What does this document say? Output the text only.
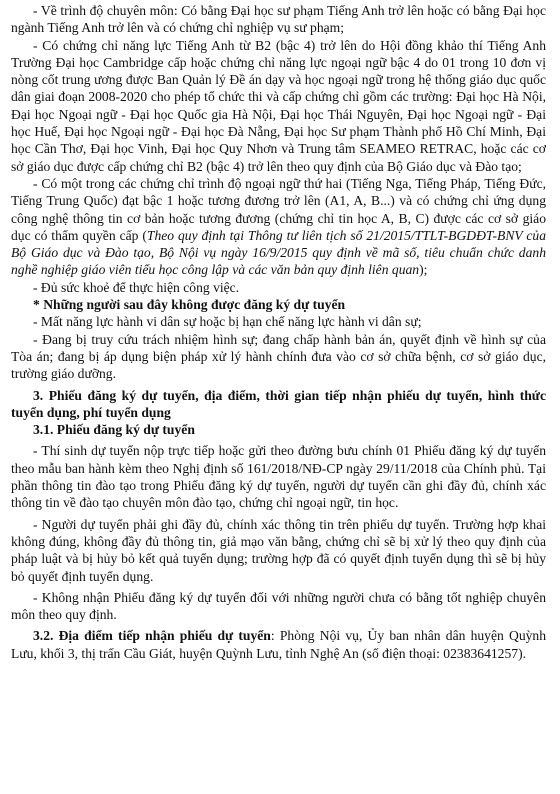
- Về trình độ chuyên môn: Có bằng Đại học sư phạm Tiếng Anh trở lên hoặc có bằng Đại học ngành Tiếng Anh trở lên và có chứng chỉ nghiệp vụ sư phạm;

- Có chứng chỉ năng lực Tiếng Anh từ B2 (bậc 4) trở lên do Hội đồng khảo thí Tiếng Anh Trường Đại học Cambridge cấp hoặc chứng chỉ năng lực ngoại ngữ bậc 4 do 01 trong 10 đơn vị nòng cốt trung ương được Ban Quản lý Đề án dạy và học ngoại ngữ trong hệ thống giáo dục quốc dân giai đoạn 2008-2020 cho phép tổ chức thi và cấp chứng chỉ gồm các trường: Đại học Hà Nội, Đại học Ngoại ngữ - Đại học Quốc gia Hà Nội, Đại học Thái Nguyên, Đại học Ngoại ngữ - Đại học Huế, Đại học Ngoại ngữ - Đại học Đà Nẵng, Đại học Sư phạm Thành phố Hồ Chí Minh, Đại học Cần Thơ, Đại học Vinh, Đại học Quy Nhơn và Trung tâm SEAMEO RETRAC, hoặc các cơ sở giáo dục được cấp chứng chỉ B2 (bậc 4) trở lên theo quy định của Bộ Giáo dục và Đào tạo;

- Có một trong các chứng chỉ trình độ ngoại ngữ thứ hai (Tiếng Nga, Tiếng Pháp, Tiếng Đức, Tiếng Trung Quốc) đạt bậc 1 hoặc tương đương trở lên (A1, A, B...) và có chứng chỉ ứng dụng công nghệ thông tin cơ bản hoặc tương đương (chứng chỉ tin học A, B, C) được các cơ sở giáo dục có thẩm quyền cấp (Theo quy định tại Thông tư liên tịch số 21/2015/TTLT-BGDĐT-BNV của Bộ Giáo dục và Đào tạo, Bộ Nội vụ ngày 16/9/2015 quy định về mã số, tiêu chuẩn chức danh nghề nghiệp giáo viên tiểu học công lập và các văn bản quy định liên quan);

- Đủ sức khoẻ để thực hiện công việc.

* Những người sau đây không được đăng ký dự tuyển

- Mất năng lực hành vi dân sự hoặc bị hạn chế năng lực hành vi dân sự;

- Đang bị truy cứu trách nhiệm hình sự; đang chấp hành bản án, quyết định về hình sự của Tòa án; đang bị áp dụng biện pháp xử lý hành chính đưa vào cơ sở chữa bệnh, cơ sở giáo dục, trường giáo dưỡng.

3. Phiếu đăng ký dự tuyển, địa điểm, thời gian tiếp nhận phiếu dự tuyển, hình thức tuyển dụng, phí tuyển dụng

3.1. Phiếu đăng ký dự tuyển

- Thí sinh dự tuyển nộp trực tiếp hoặc gửi theo đường bưu chính 01 Phiếu đăng ký dự tuyển theo mẫu ban hành kèm theo Nghị định số 161/2018/NĐ-CP ngày 29/11/2018 của Chính phủ. Tại phần thông tin đào tạo trong Phiếu đăng ký dự tuyển, người dự tuyển cần ghi đầy đủ, chính xác thông tin về đào tạo chuyên môn đào tạo, chứng chỉ ngoại ngữ, tin học.

- Người dự tuyển phải ghi đầy đủ, chính xác thông tin trên phiếu dự tuyển. Trường hợp khai không đúng, không đầy đủ thông tin, giả mạo văn bằng, chứng chỉ sẽ bị xử lý theo quy định của pháp luật và bị hủy bỏ kết quả tuyển dụng; trường hợp đã có quyết định tuyển dụng thì sẽ bị hủy bỏ quyết định tuyển dụng.

- Không nhận Phiếu đăng ký dự tuyển đối với những người chưa có bằng tốt nghiệp chuyên môn theo quy định.

3.2. Địa điểm tiếp nhận phiếu dự tuyển: Phòng Nội vụ, Ủy ban nhân dân huyện Quỳnh Lưu, khối 3, thị trấn Cầu Giát, huyện Quỳnh Lưu, tỉnh Nghệ An (số điện thoại: 02383641257).
